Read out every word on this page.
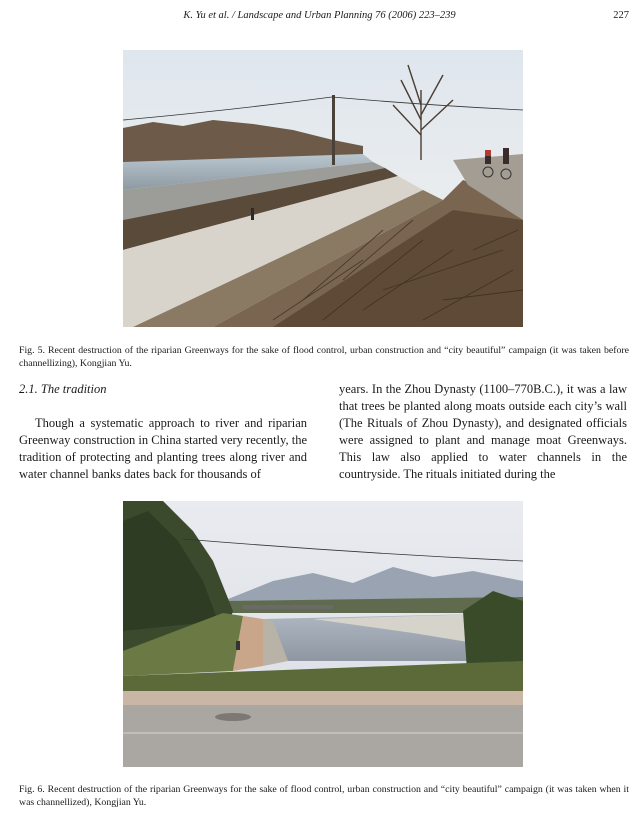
K. Yu et al. / Landscape and Urban Planning 76 (2006) 223–239	227
Fig. 5. Recent destruction of the riparian Greenways for the sake of flood control, urban construction and “city beautiful” campaign (it was taken before channellizing), Kongjian Yu.
2.1. The tradition
Though a systematic approach to river and riparian Greenway construction in China started very recently, the tradition of protecting and planting trees along river and water channel banks dates back for thousands of
years. In the Zhou Dynasty (1100–770B.C.), it was a law that trees be planted along moats outside each city’s wall (The Rituals of Zhou Dynasty), and designated officials were assigned to plant and manage moat Greenways. This law also applied to water channels in the countryside. The rituals initiated during the
Fig. 6. Recent destruction of the riparian Greenways for the sake of flood control, urban construction and “city beautiful” campaign (it was taken when it was channellized), Kongjian Yu.
